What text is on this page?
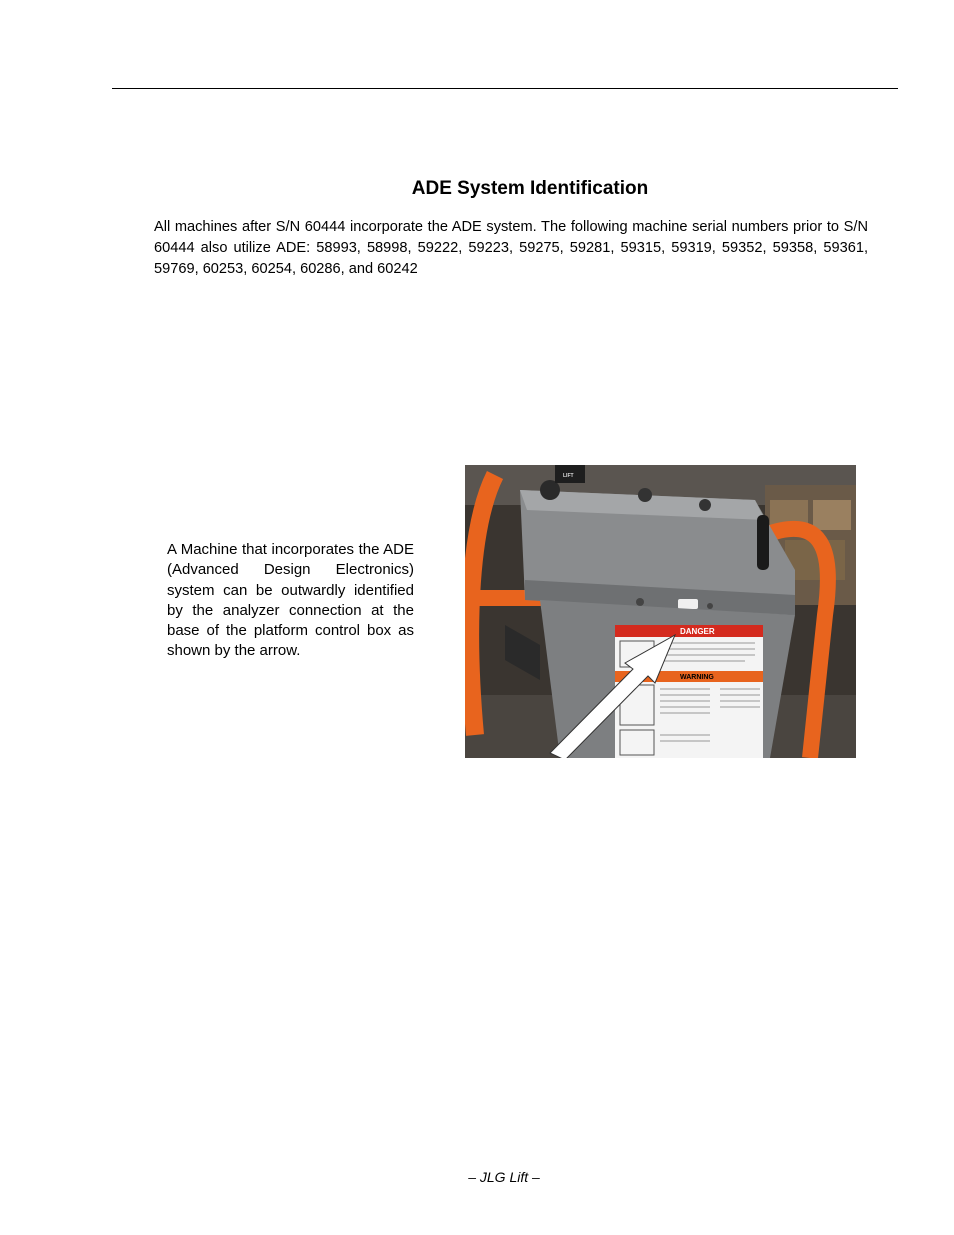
ADE System Identification

All machines after S/N 60444 incorporate the ADE system. The following machine serial numbers prior to S/N 60444 also utilize ADE: 58993, 58998, 59222, 59223, 59275, 59281, 59315, 59319, 59352, 59358, 59361, 59769, 60253, 60254, 60286, and 60242

A Machine that incorporates the ADE (Advanced Design Electronics) system can be outwardly identified by the analyzer connection at the base of the platform control box as shown by the arrow.

LIFT
DANGER
WARNING
– JLG Lift –
